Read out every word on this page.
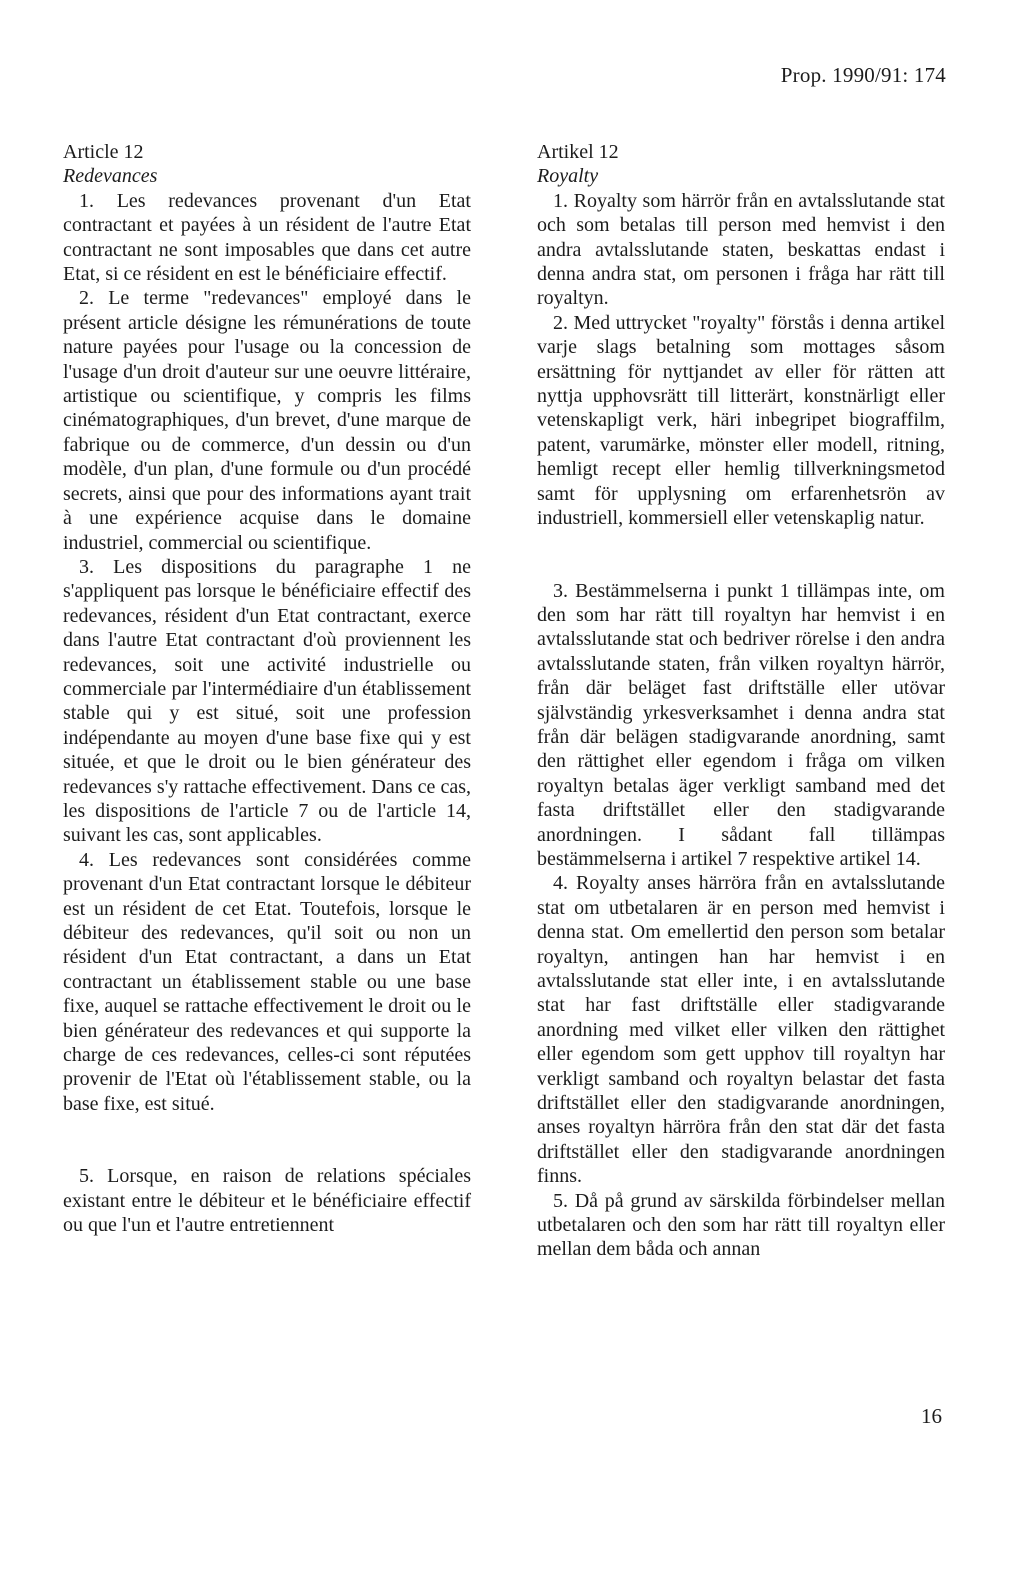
Prop. 1990/91: 174
Article 12
Redevances

1. Les redevances provenant d'un Etat contractant et payées à un résident de l'autre Etat contractant ne sont imposables que dans cet autre Etat, si ce résident en est le bénéficiaire effectif.

2. Le terme "redevances" employé dans le présent article désigne les rémunérations de toute nature payées pour l'usage ou la concession de l'usage d'un droit d'auteur sur une oeuvre littéraire, artistique ou scientifique, y compris les films cinématographiques, d'un brevet, d'une marque de fabrique ou de commerce, d'un dessin ou d'un modèle, d'un plan, d'une formule ou d'un procédé secrets, ainsi que pour des informations ayant trait à une expérience acquise dans le domaine industriel, commercial ou scientifique.

3. Les dispositions du paragraphe 1 ne s'appliquent pas lorsque le bénéficiaire effectif des redevances, résident d'un Etat contractant, exerce dans l'autre Etat contractant d'où proviennent les redevances, soit une activité industrielle ou commerciale par l'intermédiaire d'un établissement stable qui y est situé, soit une profession indépendante au moyen d'une base fixe qui y est située, et que le droit ou le bien générateur des redevances s'y rattache effectivement. Dans ce cas, les dispositions de l'article 7 ou de l'article 14, suivant les cas, sont applicables.

4. Les redevances sont considérées comme provenant d'un Etat contractant lorsque le débiteur est un résident de cet Etat. Toutefois, lorsque le débiteur des redevances, qu'il soit ou non un résident d'un Etat contractant, a dans un Etat contractant un établissement stable ou une base fixe, auquel se rattache effectivement le droit ou le bien générateur des redevances et qui supporte la charge de ces redevances, celles-ci sont réputées provenir de l'Etat où l'établissement stable, ou la base fixe, est situé.

5. Lorsque, en raison de relations spéciales existant entre le débiteur et le bénéficiaire effectif ou que l'un et l'autre entretiennent

Artikel 12
Royalty

1. Royalty som härrör från en avtalsslutande stat och som betalas till person med hemvist i den andra avtalsslutande staten, beskattas endast i denna andra stat, om personen i fråga har rätt till royaltyn.

2. Med uttrycket "royalty" förstås i denna artikel varje slags betalning som mottages såsom ersättning för nyttjandet av eller för rätten att nyttja upphovsrätt till litterärt, konstnärligt eller vetenskapligt verk, häri inbegripet biograffilm, patent, varumärke, mönster eller modell, ritning, hemligt recept eller hemlig tillverkningsmetod samt för upplysning om erfarenhetsrön av industriell, kommersiell eller vetenskaplig natur.

3. Bestämmelserna i punkt 1 tillämpas inte, om den som har rätt till royaltyn har hemvist i en avtalsslutande stat och bedriver rörelse i den andra avtalsslutande staten, från vilken royaltyn härrör, från där beläget fast driftställe eller utövar självständig yrkesverksamhet i denna andra stat från där belägen stadigvarande anordning, samt den rättighet eller egendom i fråga om vilken royaltyn betalas äger verkligt samband med det fasta driftstället eller den stadigvarande anordningen. I sådant fall tillämpas bestämmelserna i artikel 7 respektive artikel 14.

4. Royalty anses härröra från en avtalsslutande stat om utbetalaren är en person med hemvist i denna stat. Om emellertid den person som betalar royaltyn, antingen han har hemvist i en avtalsslutande stat eller inte, i en avtalsslutande stat har fast driftställe eller stadigvarande anordning med vilket eller vilken den rättighet eller egendom som gett upphov till royaltyn har verkligt samband och royaltyn belastar det fasta driftstället eller den stadigvarande anordningen, anses royaltyn härröra från den stat där det fasta driftstället eller den stadigvarande anordningen finns.

5. Då på grund av särskilda förbindelser mellan utbetalaren och den som har rätt till royaltyn eller mellan dem båda och annan

16
